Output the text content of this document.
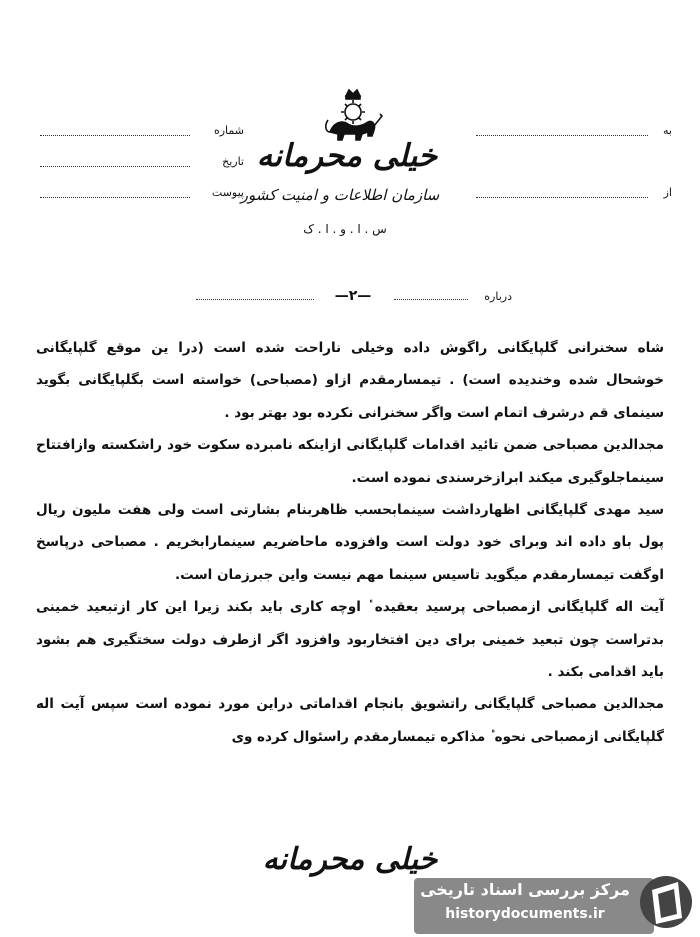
خیلی محرمانه
سازمان اطلاعات و امنیت کشور
س . ا . و . ا . ک
شماره
تاریخ
پیوست
به
از
درباره
—۲—

شاه سخنرانی گلپایگانی راگوش داده وخیلی ناراحت شده است (درا ین موقع گلپایگانی خوشحال شده وخندیده است) . تیمسارمقدم ازاو (مصباحی) خواسته است بگلپایگانی بگوید سینمای قم درشرف اتمام است واگر سخنرانی نکرده بود بهتر بود .

مجدالدین مصباحی ضمن تائید اقدامات گلپایگانی ازاینکه نامبرده سکوت خود راشکسته وازافتتاح سینماجلوگیری میکند ابرازخرسندی نموده است.

سید مهدی گلپایگانی اظهارداشت سینمابحسب ظاهربنام بشارتی است ولی هفت ملیون ریال پول باو داده اند وبرای خود دولت است وافزوده ماحاضریم سینمارابخریم . مصباحی درپاسخ اوگفت تیمسارمقدم میگوید تاسیس سینما مهم نیست واین جبرزمان است.

آیت اله گلپایگانی ازمصباحی پرسید بعقیده ٔ اوچه کاری باید بکند زیرا این کار ازتبعید خمینی بدتراست چون تبعید خمینی برای دین افتخاربود وافزود اگر ازطرف دولت سختگیری هم بشود باید اقدامی بکند .

مجدالدین مصباحی گلپایگانی راتشویق بانجام اقداماتی دراین مورد نموده است سپس آیت اله گلپایگانی ازمصباحی نحوه ٔ مذاکره تیمسارمقدم راسئوال کرده وی

خیلی محرمانه
مرکز بررسی اسناد تاریخی
historydocuments.ir
